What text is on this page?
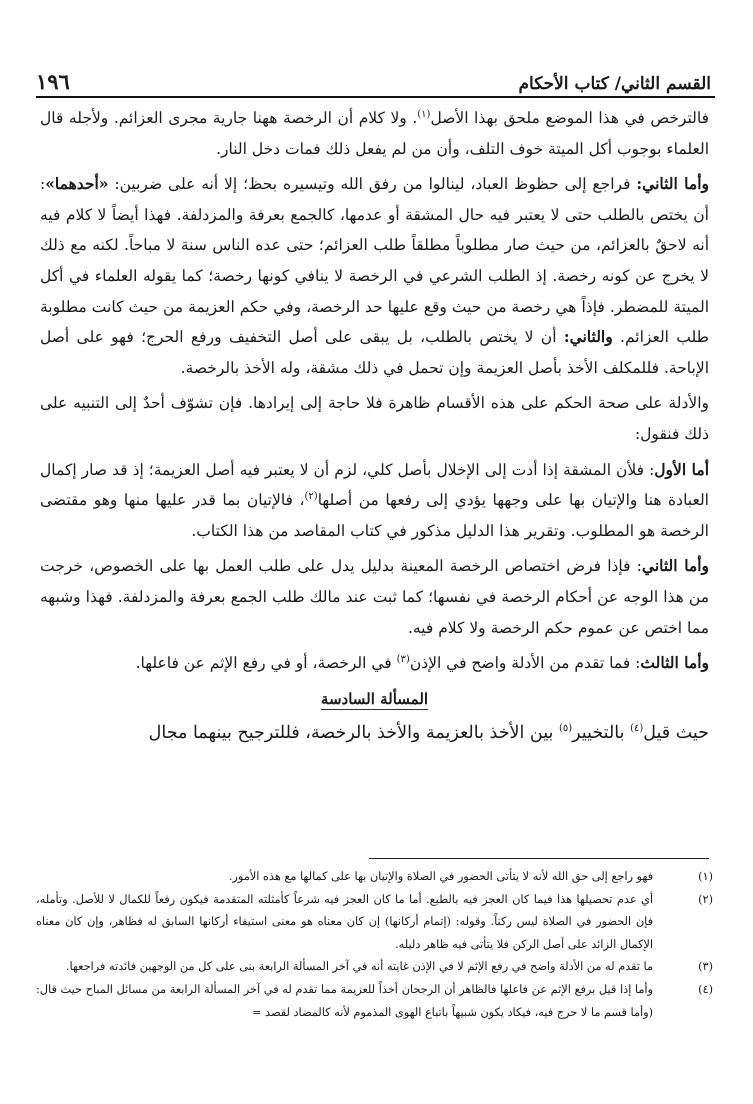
القسم الثاني/ كتاب الأحكام
١٩٦

فالترخص في هذا الموضع ملحق بهذا الأصل$^{(١)}$. ولا كلام أن الرخصة ههنا جارية مجرى العزائم. ولأجله قال العلماء بوجوب أكل الميتة خوف التلف، وأن من لم يفعل ذلك فمات دخل النار.

وأما الثاني: فراجع إلى حظوظ العباد، لينالوا من رفق الله وتيسيره بحظ؛ إلا أنه على ضربين: «أحدهما»: أن يختص بالطلب حتى لا يعتبر فيه حال المشقة أو عدمها، كالجمع بعرفة والمزدلفة. فهذا أيضاً لا كلام فيه أنه لاحقٌ بالعزائم، من حيث صار مطلوباً مطلقاً طلب العزائم؛ حتى عده الناس سنة لا مباحاً. لكنه مع ذلك لا يخرج عن كونه رخصة. إذ الطلب الشرعي في الرخصة لا ينافي كونها رخصة؛ كما يقوله العلماء في أكل الميتة للمضطر. فإذاً هي رخصة من حيث وقع عليها حد الرخصة، وفي حكم العزيمة من حيث كانت مطلوبة طلب العزائم. والثاني: أن لا يختص بالطلب، بل يبقى على أصل التخفيف ورفع الحرج؛ فهو على أصل الإباحة. فللمكلف الأخذ بأصل العزيمة وإن تحمل في ذلك مشقة، وله الأخذ بالرخصة.

والأدلة على صحة الحكم على هذه الأقسام ظاهرة فلا حاجة إلى إيرادها. فإن تشوّف أحدٌ إلى التنبيه على ذلك فنقول:

أما الأول: فلأن المشقة إذا أدت إلى الإخلال بأصل كلي، لزم أن لا يعتبر فيه أصل العزيمة؛ إذ قد صار إكمال العبادة هنا والإتيان بها على وجهها يؤدي إلى رفعها من أصلها$^{(٢)}$، فالإتيان بما قدر عليها منها وهو مقتضى الرخصة هو المطلوب. وتقرير هذا الدليل مذكور في كتاب المقاصد من هذا الكتاب.

وأما الثاني: فإذا فرض اختصاص الرخصة المعينة بدليل يدل على طلب العمل بها على الخصوص، خرجت من هذا الوجه عن أحكام الرخصة في نفسها؛ كما ثبت عند مالك طلب الجمع بعرفة والمزدلفة. فهذا وشبهه مما اختص عن عموم حكم الرخصة ولا كلام فيه.

وأما الثالث: فما تقدم من الأدلة واضح في الإذن$^{(٣)}$ في الرخصة، أو في رفع الإثم عن فاعلها.

المسألة السادسة

حيث قيل$^{(٤)}$ بالتخيير$^{(٥)}$ بين الأخذ بالعزيمة والأخذ بالرخصة، فللترجيح بينهما مجال

(١)
فهو راجع إلى حق الله لأنه لا يتأتى الحضور في الصلاة والإتيان بها على كمالها مع هذه الأمور.
(٢)
أي عدم تحصيلها هذا فيما كان العجز فيه بالطبع. أما ما كان العجز فيه شرعاً كأمثلته المتقدمة فيكون رفعاً للكمال لا للأصل. وتأمله، فإن الحضور في الصلاة ليس ركناً. وقوله: (إتمام أركانها) إن كان معناه هو معنى استيفاء أركانها السابق له فظاهر، وإن كان معناه الإكمال الزائد على أصل الركن فلا يتأتى فيه ظاهر دليله.
(٣)
ما تقدم له من الأدلة واضح في رفع الإثم لا في الإذن غايته أنه في آخر المسألة الرابعة بنى على كل من الوجهين فائدته فراجعها.
(٤)
وأما إذا قيل برفع الإثم عن فاعلها فالظاهر أن الرجحان أخذاً للعزيمة مما تقدم له في آخر المسألة الرابعة من مسائل المباح حيث قال: (وأما قسم ما لا حرج فيه، فيكاد يكون شبيهاً باتباع الهوى المذموم لأنه كالمضاد لقصد =
